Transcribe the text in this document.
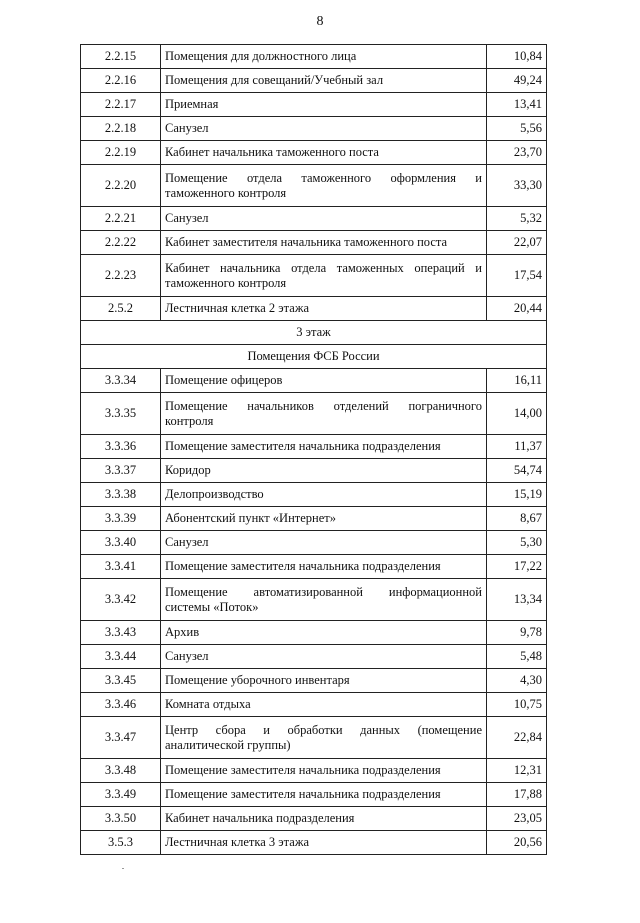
8
2.2.15	Помещения для должностного лица	10,84
2.2.16	Помещения для совещаний/Учебный зал	49,24
2.2.17	Приемная	13,41
2.2.18	Санузел	5,56
2.2.19	Кабинет начальника таможенного поста	23,70
2.2.20	Помещение отдела таможенного оформления и таможенного контроля	33,30
2.2.21	Санузел	5,32
2.2.22	Кабинет заместителя начальника таможенного поста	22,07
2.2.23	Кабинет начальника отдела таможенных операций и таможенного контроля	17,54
2.5.2	Лестничная клетка 2 этажа	20,44
3 этаж		
Помещения ФСБ России		
3.3.34	Помещение офицеров	16,11
3.3.35	Помещение начальников отделений пограничного контроля	14,00
3.3.36	Помещение заместителя начальника подразделения	11,37
3.3.37	Коридор	54,74
3.3.38	Делопроизводство	15,19
3.3.39	Абонентский пункт «Интернет»	8,67
3.3.40	Санузел	5,30
3.3.41	Помещение заместителя начальника подразделения	17,22
3.3.42	Помещение автоматизированной информационной системы «Поток»	13,34
3.3.43	Архив	9,78
3.3.44	Санузел	5,48
3.3.45	Помещение уборочного инвентаря	4,30
3.3.46	Комната отдыха	10,75
3.3.47	Центр сбора и обработки данных (помещение аналитической группы)	22,84
3.3.48	Помещение заместителя начальника подразделения	12,31
3.3.49	Помещение заместителя начальника подразделения	17,88
3.3.50	Кабинет начальника подразделения	23,05
3.5.3	Лестничная клетка 3 этажа	20,56
